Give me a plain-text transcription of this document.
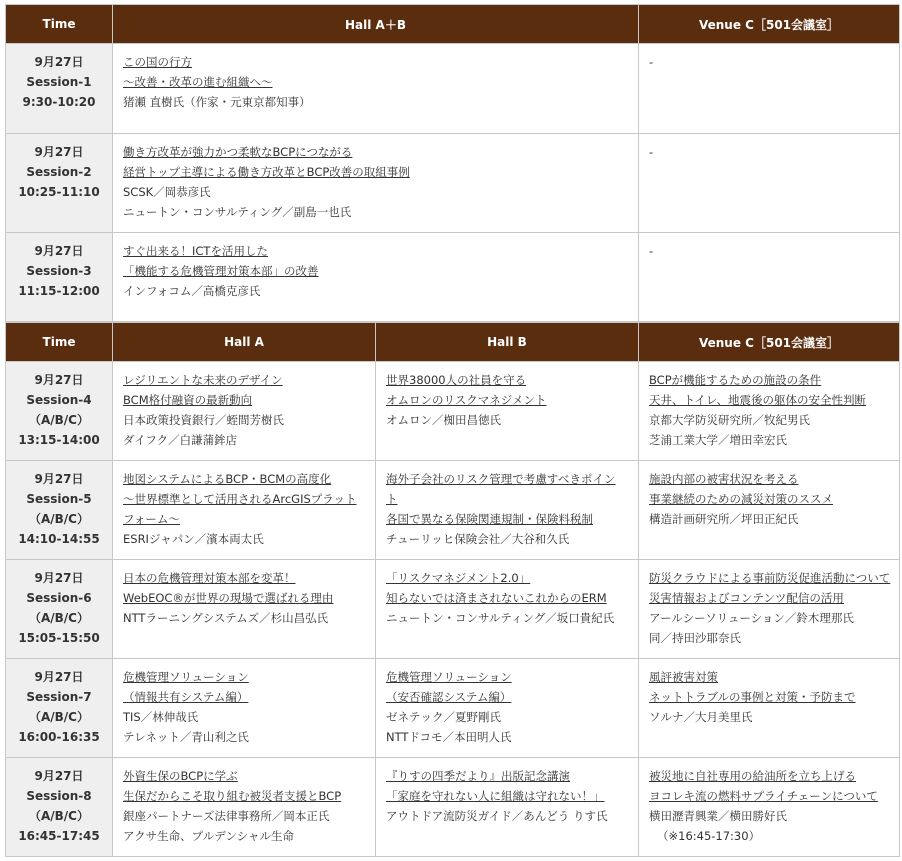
Time	Hall A＋B	Venue C［501会議室］

9月27日
Session-1
9:30-10:20	この国の行方
〜改善・改革の進む組織へ〜
猪瀬 直樹氏（作家・元東京都知事）	-

9月27日
Session-2
10:25-11:10	働き方改革が強力かつ柔軟なBCPにつながる
経営トップ主導による働き方改革とBCP改善の取組事例
SCSK／岡恭彦氏
ニュートン・コンサルティング／副島一也氏	-

9月27日
Session-3
11:15-12:00	すぐ出来る！ICTを活用した
「機能する危機管理対策本部」の改善
インフォコム／高橋克彦氏	-
Time	Hall A	Hall B	Venue C［501会議室］

9月27日
Session-4
（A/B/C）
13:15-14:00	レジリエントな未来のデザイン
BCM格付融資の最新動向
日本政策投資銀行／蛭間芳樹氏
ダイフク／白謙蒲鉾店	世界38000人の社員を守る
オムロンのリスクマネジメント
オムロン／椥田昌徳氏	BCPが機能するための施設の条件
天井、トイレ、地震後の躯体の安全性判断
京都大学防災研究所／牧紀男氏
芝浦工業大学／増田幸宏氏

9月27日
Session-5
（A/B/C）
14:10-14:55	地図システムによるBCP・BCMの高度化
〜世界標準として活用されるArcGISプラットフォーム〜
ESRIジャパン／濱本両太氏	海外子会社のリスク管理で考慮すべきポイント
各国で異なる保険関連規制・保険料税制
チューリッヒ保険会社／大谷和久氏	施設内部の被害状況を考える
事業継続のための減災対策のススメ
構造計画研究所／坪田正紀氏

9月27日
Session-6
（A/B/C）
15:05-15:50	日本の危機管理対策本部を変革！
WebEOC®が世界の現場で選ばれる理由
NTTラーニングシステムズ／杉山昌弘氏	「リスクマネジメント2.0」
知らないでは済まされないこれからのERM
ニュートン・コンサルティング／坂口貴紀氏	防災クラウドによる事前防災促進活動について
災害情報およびコンテンツ配信の活用
アールシーソリューション／鈴木理那氏
同／持田沙耶奈氏

9月27日
Session-7
（A/B/C）
16:00-16:35	危機管理ソリューション
（情報共有システム編）
TIS／林伸哉氏
テレネット／青山利之氏	危機管理ソリューション
（安否確認システム編）
ゼネテック／夏野剛氏
NTTドコモ／本田明人氏	風評被害対策
ネットトラブルの事例と対策・予防まで
ソルナ／大月美里氏

9月27日
Session-8
（A/B/C）
16:45-17:45	外資生保のBCPに学ぶ
生保だからこそ取り組む被災者支援とBCP
銀座パートナーズ法律事務所／岡本正氏
アクサ生命、プルデンシャル生命	『りすの四季だより』出版記念講演
「家庭を守れない人に組織は守れない！」
アウトドア流防災ガイド／あんどう りす氏	被災地に自社専用の給油所を立ち上げる
ヨコレキ流の燃料サプライチェーンについて
横田瀝青興業／横田勝好氏
（※16:45-17:30）
